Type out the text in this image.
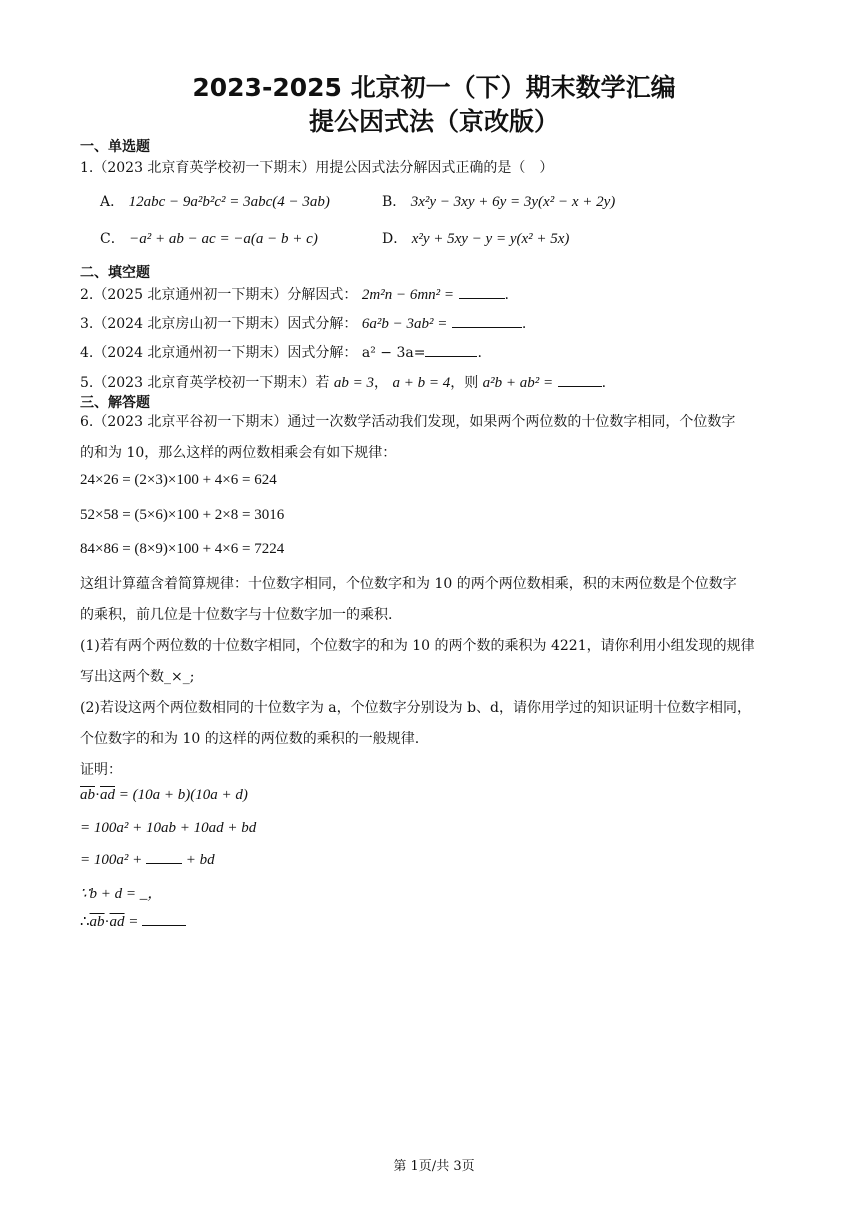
2023-2025 北京初一（下）期末数学汇编
提公因式法（京改版）
一、单选题
1.（2023 北京育英学校初一下期末）用提公因式法分解因式正确的是（　）
A． 12abc − 9a²b²c² = 3abc(4 − 3ab)	B． 3x²y − 3xy + 6y = 3y(x² − x + 2y)
C． −a² + ab − ac = −a(a − b + c)	D． x²y + 5xy − y = y(x² + 5x)
二、填空题
2.（2025 北京通州初一下期末）分解因式： 2m²n − 6mn² =	.
3.（2024 北京房山初一下期末）因式分解： 6a²b − 3ab² =	.
4.（2024 北京通州初一下期末）因式分解： a² − 3a=	.
5.（2023 北京育英学校初一下期末）若 ab = 3， a + b = 4，则 a²b + ab² =	.
三、解答题
6.（2023 北京平谷初一下期末）通过一次数学活动我们发现，如果两个两位数的十位数字相同，个位数字
的和为 10，那么这样的两位数相乘会有如下规律：
24×26 = (2×3)×100 + 4×6 = 624
52×58 = (5×6)×100 + 2×8 = 3016
84×86 = (8×9)×100 + 4×6 = 7224
这组计算蕴含着简算规律：十位数字相同，个位数字和为 10 的两个两位数相乘，积的末两位数是个位数字
的乘积，前几位是十位数字与十位数字加一的乘积.
(1)若有两个两位数的十位数字相同，个位数字的和为 10 的两个数的乘积为 4221，请你利用小组发现的规律
写出这两个数_×_;
(2)若设这两个两位数相同的十位数字为 a，个位数字分别设为 b、d，请你用学过的知识证明十位数字相同，
个位数字的和为 10 的这样的两位数的乘积的一般规律.
证明：
$\overline{ab}\cdot\overline{ad} = (10a + b)(10a + d)$
= 100a² + 10ab + 10ad + bd
= 100a² +  + bd
∵b + d = _，
$\therefore\overline{ab}\cdot\overline{ad}$ =
第 1页/共 3页
